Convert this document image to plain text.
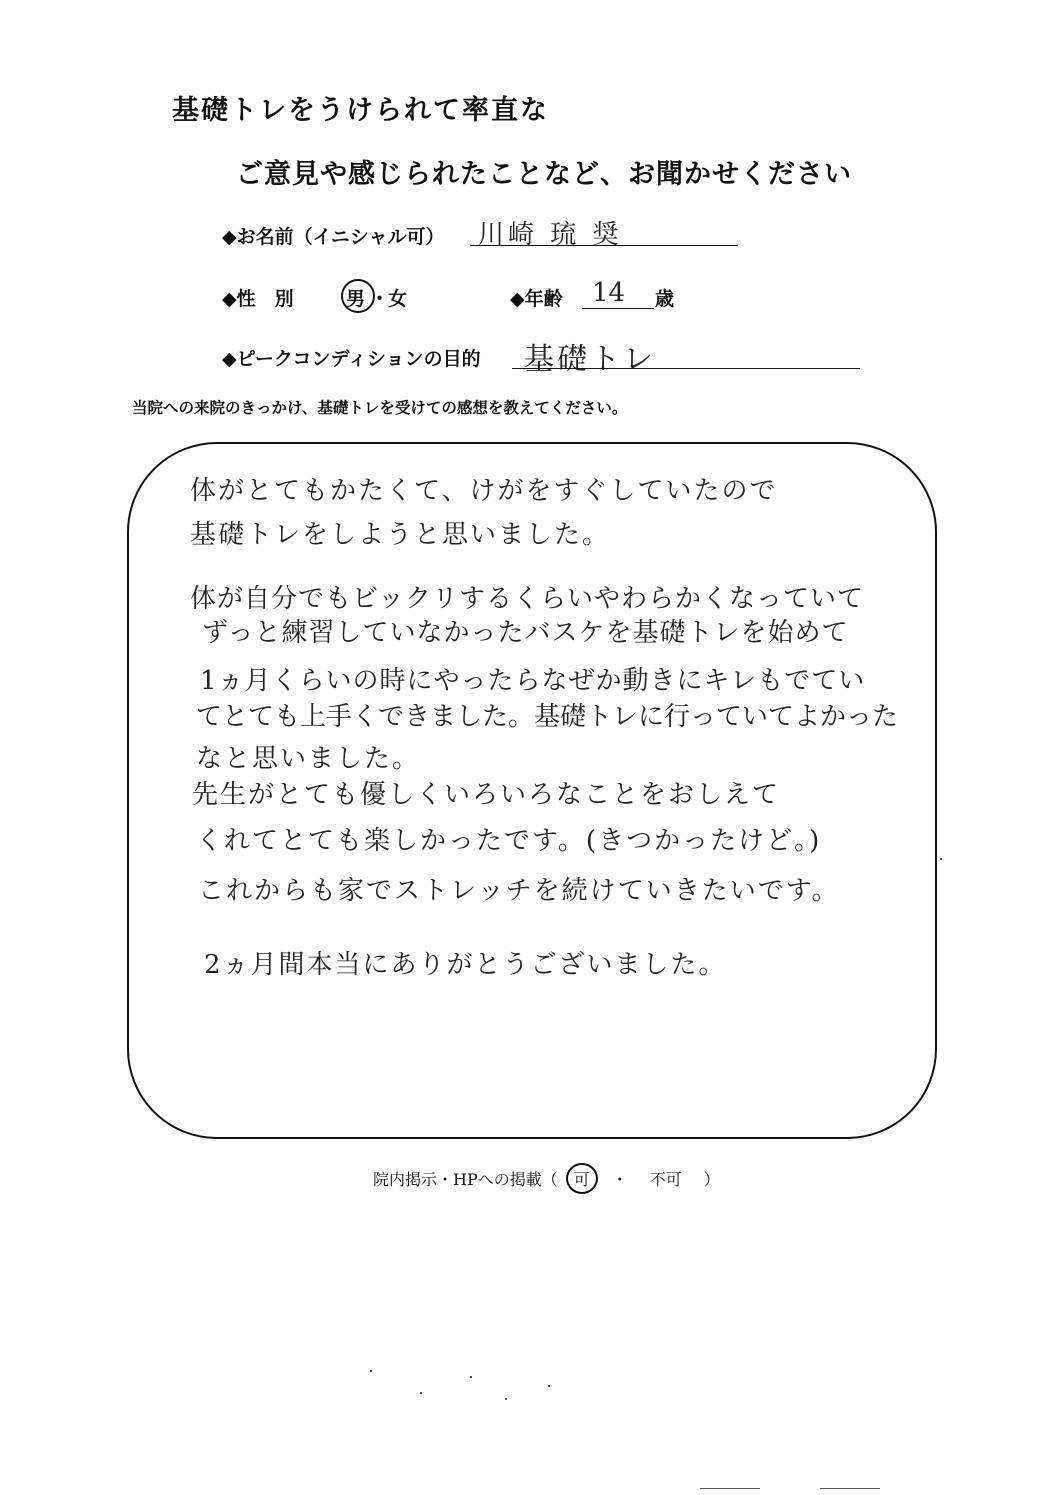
基礎トレをうけられて率直な
ご意見や感じられたことなど、お聞かせください
◆お名前（イニシャル可） 川崎 琉 奨
◆性　別	男 ・
女	◆年齢 14 歳
◆ピークコンディションの目的 基礎トレ
当院への来院のきっかけ、基礎トレを受けての感想を教えてください。
体がとてもかたくて、けがをすぐしていたので
基礎トレをしようと思いました。
体が自分でもビックリするくらいやわらかくなっていて
ずっと練習していなかったバスケを基礎トレを始めて
1ヵ月くらいの時にやったらなぜか動きにキレもでてい
てとても上手くできました。基礎トレに行っていてよかった
なと思いました。
先生がとても優しくいろいろなことをおしえて
くれてとても楽しかったです。(きつかったけど。)
これからも家でストレッチを続けていきたいです。
2ヵ月間本当にありがとうございました。
院内掲示・HPへの掲載（ 可 ・ 不可 ）
